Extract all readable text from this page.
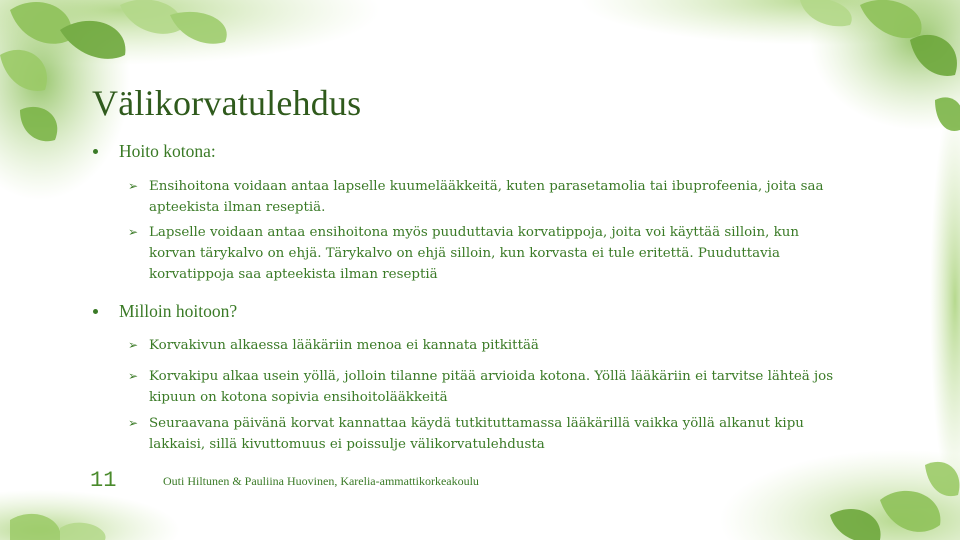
Välikorvatulehdus
Hoito kotona:
➢ Ensihoitona voidaan antaa lapselle kuumelääkkeitä, kuten parasetamolia tai ibuprofeenia, joita saa apteekista ilman reseptiä.
➢ Lapselle voidaan antaa ensihoitona myös puuduttavia korvatippoja, joita voi käyttää silloin, kun korvan tärykalvo on ehjä. Tärykalvo on ehjä silloin, kun korvasta ei tule eritettä. Puuduttavia korvatippoja saa apteekista ilman reseptiä
Milloin hoitoon?
➢ Korvakivun alkaessa lääkäriin menoa ei kannata pitkittää
➢ Korvakipu alkaa usein yöllä, jolloin tilanne pitää arvioida kotona. Yöllä lääkäriin ei tarvitse lähteä jos kipuun on kotona sopivia ensihoitolääkkeitä
➢ Seuraavana päivänä korvat kannattaa käydä tutkituttamassa lääkärillä vaikka yöllä alkanut kipu lakkaisi, sillä kivuttomuus ei poissulje välikorvatulehdusta
11	Outi Hiltunen & Pauliina Huovinen, Karelia-ammattikorkeakoulu
